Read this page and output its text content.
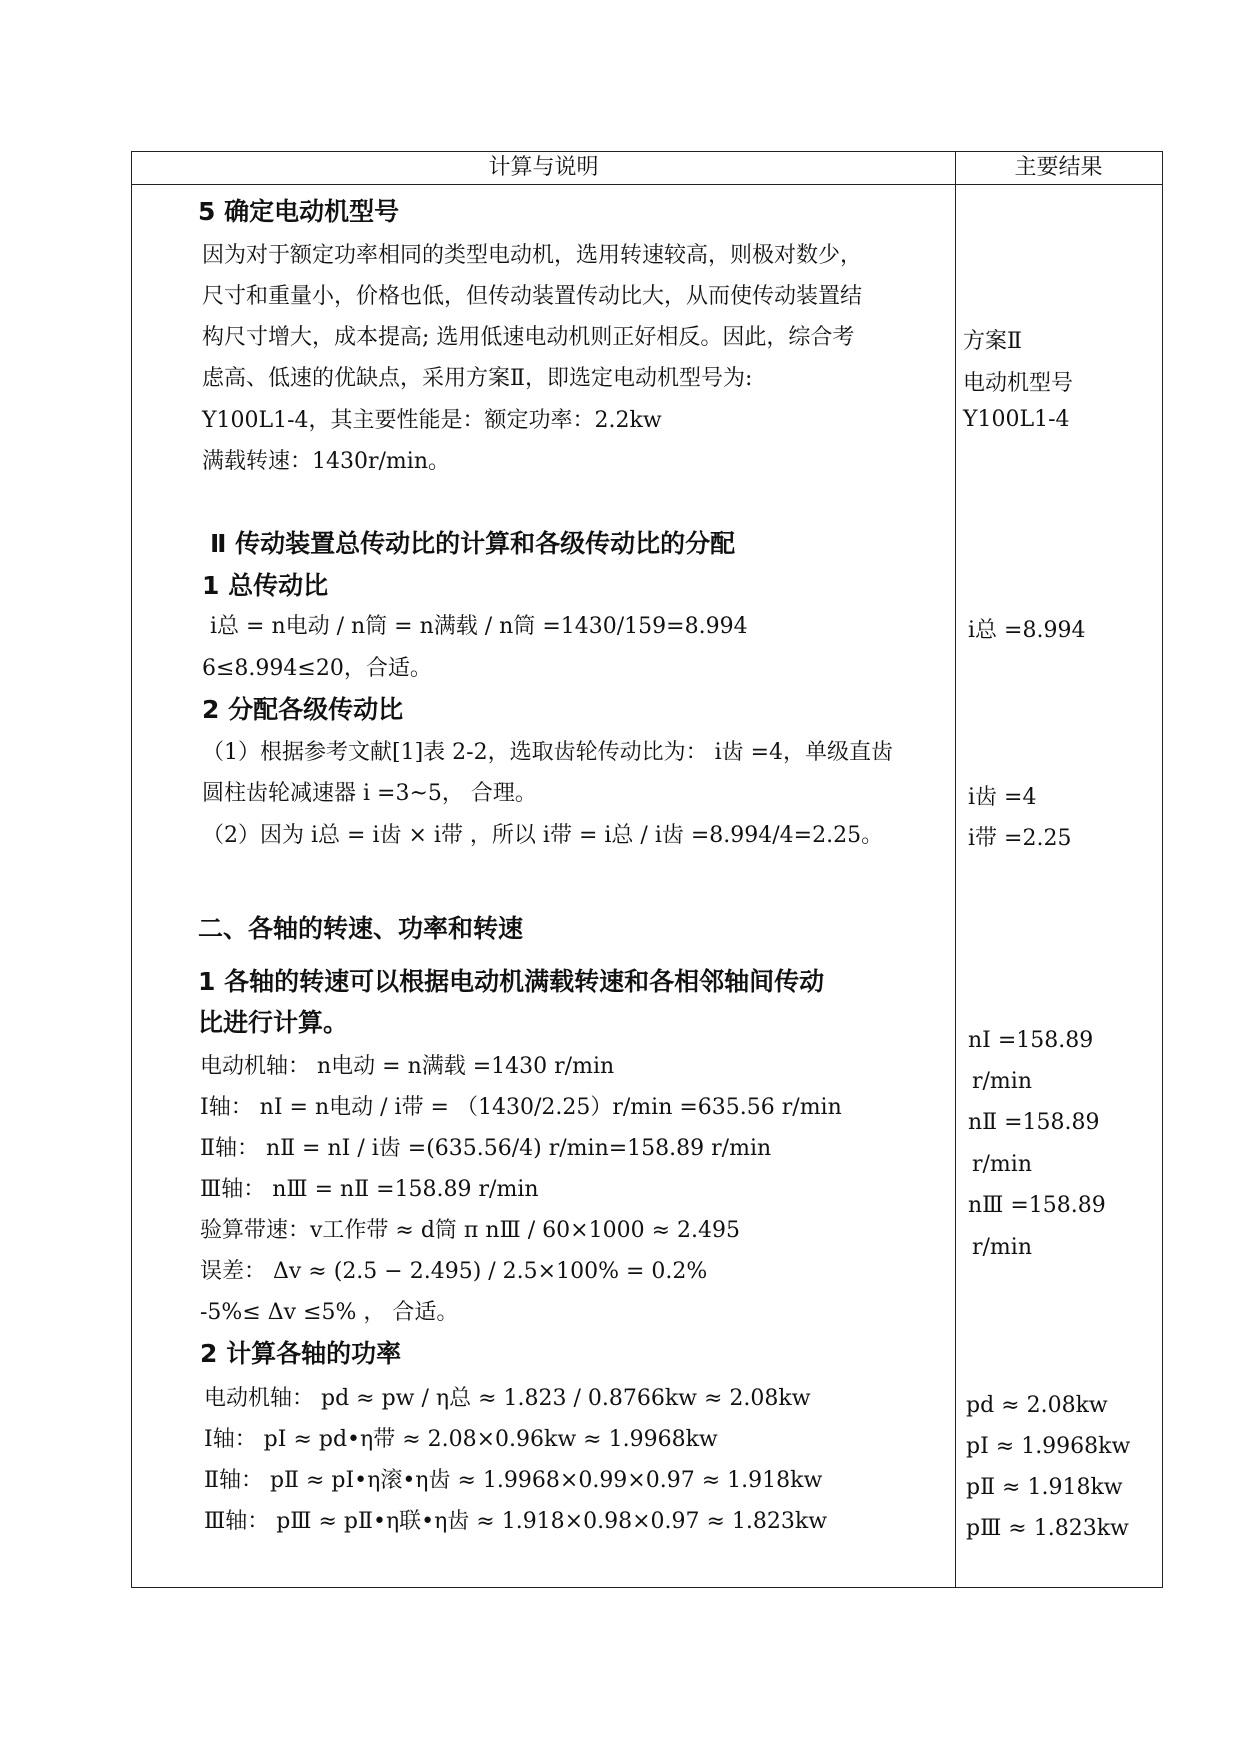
计算与说明	主要结果
5 确定电动机型号
因为对于额定功率相同的类型电动机，选用转速较高，则极对数少，
尺寸和重量小，价格也低，但传动装置传动比大，从而使传动装置结
构尺寸增大，成本提高; 选用低速电动机则正好相反。因此，综合考
虑高、低速的优缺点，采用方案Ⅱ，即选定电动机型号为:
Y100L1-4，其主要性能是：额定功率：2.2kw
满载转速：1430r/min。
Ⅱ 传动装置总传动比的计算和各级传动比的分配
1 总传动比
i总 = n电动 / n筒 = n满载 / n筒 =1430/159=8.994
6≤8.994≤20，合适。
2 分配各级传动比
（1）根据参考文献[1]表 2-2，选取齿轮传动比为： i齿 =4，单级直齿
圆柱齿轮减速器 i =3~5， 合理。
（2）因为 i总 = i齿 × i带 ，所以 i带 = i总 / i齿 =8.994/4=2.25。
二、各轴的转速、功率和转速
1 各轴的转速可以根据电动机满载转速和各相邻轴间传动
比进行计算。
电动机轴： n电动 = n满载 =1430 r/min
Ⅰ轴： nⅠ = n电动 / i带 = （1430/2.25）r/min =635.56 r/min
Ⅱ轴： nⅡ = nⅠ / i齿 =(635.56/4) r/min=158.89 r/min
Ⅲ轴： nⅢ = nⅡ =158.89 r/min
验算带速：v工作带 ≈ d筒 π nⅢ / 60×1000 ≈ 2.495
误差： Δv ≈ (2.5 − 2.495) / 2.5×100% = 0.2%
-5%≤ Δv ≤5% ， 合适。
2 计算各轴的功率
电动机轴： pd ≈ pw / η总 ≈ 1.823 / 0.8766kw ≈ 2.08kw
Ⅰ轴： pⅠ ≈ pd•η带 ≈ 2.08×0.96kw ≈ 1.9968kw
Ⅱ轴： pⅡ ≈ pⅠ•η滚•η齿 ≈ 1.9968×0.99×0.97 ≈ 1.918kw
Ⅲ轴： pⅢ ≈ pⅡ•η联•η齿 ≈ 1.918×0.98×0.97 ≈ 1.823kw
方案Ⅱ
电动机型号
Y100L1-4
i总 =8.994
i齿 =4
i带 =2.25
nⅠ =158.89
r/min
nⅡ =158.89
r/min
nⅢ =158.89
r/min
pd ≈ 2.08kw
pⅠ ≈ 1.9968kw
pⅡ ≈ 1.918kw
pⅢ ≈ 1.823kw
